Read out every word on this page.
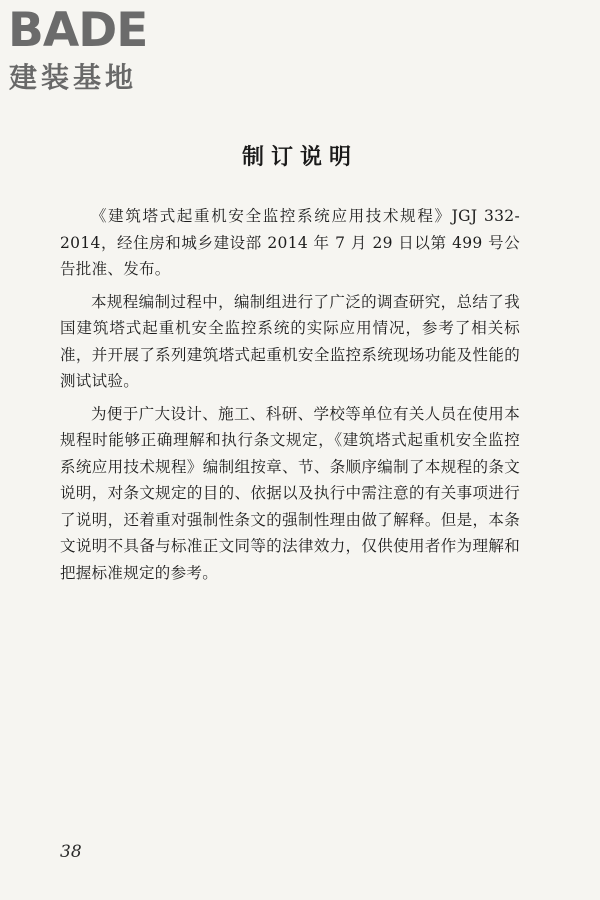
BADE

建装基地

制订说明

《建筑塔式起重机安全监控系统应用技术规程》JGJ 332-2014，经住房和城乡建设部 2014 年 7 月 29 日以第 499 号公告批准、发布。

本规程编制过程中，编制组进行了广泛的调查研究，总结了我国建筑塔式起重机安全监控系统的实际应用情况，参考了相关标准，并开展了系列建筑塔式起重机安全监控系统现场功能及性能的测试试验。

为便于广大设计、施工、科研、学校等单位有关人员在使用本规程时能够正确理解和执行条文规定，《建筑塔式起重机安全监控系统应用技术规程》编制组按章、节、条顺序编制了本规程的条文说明，对条文规定的目的、依据以及执行中需注意的有关事项进行了说明，还着重对强制性条文的强制性理由做了解释。但是，本条文说明不具备与标准正文同等的法律效力，仅供使用者作为理解和把握标准规定的参考。

38
